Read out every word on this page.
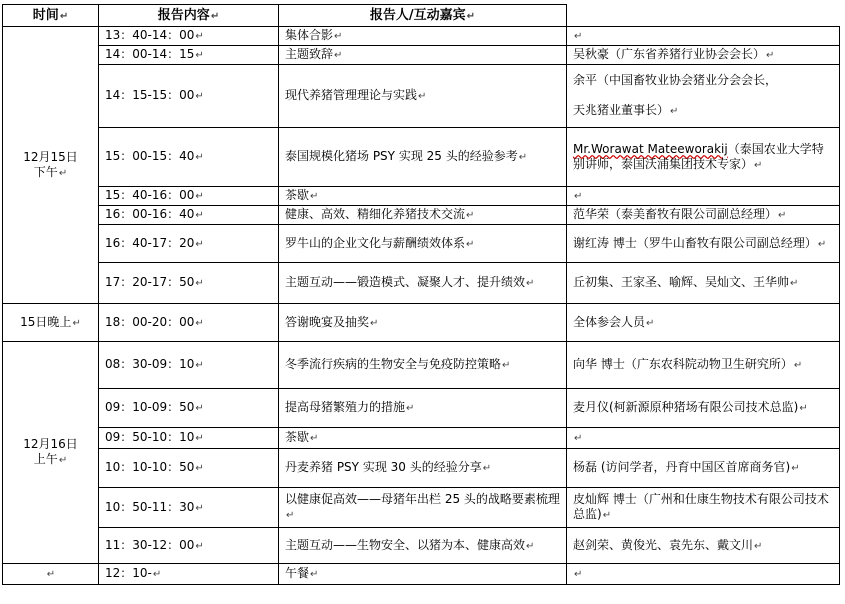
时间↵	报告内容↵	报告人/互动嘉宾↵	
12月15日
下午↵	13：40-14：00↵	集体合影↵	↵
	14：00-14：15↵	主题致辞↵	吴秋豪（广东省养猪行业协会会长）↵
	14：15-15：00↵	现代养猪管理理论与实践↵	余平（中国畜牧业协会猪业分会会长，

天兆猪业董事长）↵
	15：00-15：40↵	泰国规模化猪场 PSY 实现 25 头的经验参考↵	Mr.Worawat Mateeworakij（泰国农业大学特别讲师，泰国沃浦集团技术专家）↵
	15：40-16：00↵	茶歇↵	↵
	16：00-16：40↵	健康、高效、精细化养猪技术交流↵	范华荣（泰美畜牧有限公司副总经理）↵
	16：40-17：20↵	罗牛山的企业文化与薪酬绩效体系↵	谢红涛 博士（罗牛山畜牧有限公司副总经理）↵
	17：20-17：50↵	主题互动——锻造模式、凝聚人才、提升绩效↵	丘初集、王家圣、喻辉、吴灿文、王华帅↵
15日晚上↵	18：00-20：00↵	答谢晚宴及抽奖↵	全体参会人员↵
12月16日
上午↵	08：30-09：10↵	冬季流行疾病的生物安全与免疫防控策略↵	向华 博士（广东农科院动物卫生研究所）↵
	09：10-09：50↵	提高母猪繁殖力的措施↵	麦月仪(柯新源原种猪场有限公司技术总监)↵
	09：50-10：10↵	茶歇↵	↵
	10：10-10：50↵	丹麦养猪 PSY 实现 30 头的经验分享↵	杨磊 (访问学者，丹育中国区首席商务官)↵
	10：50-11：30↵	以健康促高效——母猪年出栏 25 头的战略要素梳理↵	皮灿辉 博士（广州和仕康生物技术有限公司技术总监)↵
	11：30-12：00↵	主题互动——生物安全、以猪为本、健康高效↵	赵剑荣、黄俊光、袁先东、戴文川↵
↵	12：10-↵	午餐↵	↵
